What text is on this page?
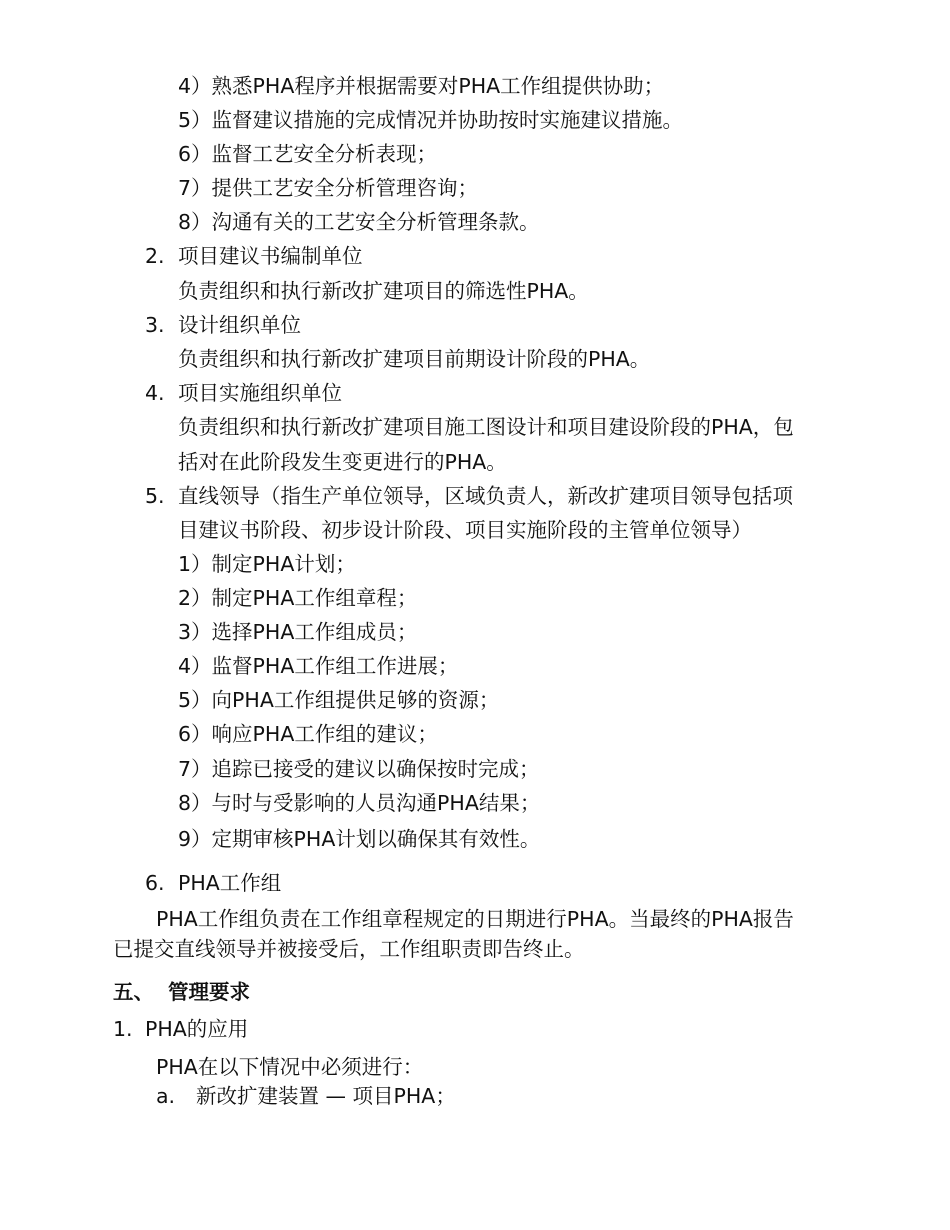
4）熟悉PHA程序并根据需要对PHA工作组提供协助；
5）监督建议措施的完成情况并协助按时实施建议措施。
6）监督工艺安全分析表现；
7）提供工艺安全分析管理咨询；
8）沟通有关的工艺安全分析管理条款。
2. 项目建议书编制单位
负责组织和执行新改扩建项目的筛选性PHA。
3. 设计组织单位
负责组织和执行新改扩建项目前期设计阶段的PHA。
4. 项目实施组织单位
负责组织和执行新改扩建项目施工图设计和项目建设阶段的PHA，包
括对在此阶段发生变更进行的PHA。
5. 直线领导（指生产单位领导，区域负责人，新改扩建项目领导包括项
目建议书阶段、初步设计阶段、项目实施阶段的主管单位领导）
1）制定PHA计划；
2）制定PHA工作组章程；
3）选择PHA工作组成员；
4）监督PHA工作组工作进展；
5）向PHA工作组提供足够的资源；
6）响应PHA工作组的建议；
7）追踪已接受的建议以确保按时完成；
8）与时与受影响的人员沟通PHA结果；
9）定期审核PHA计划以确保其有效性。
6. PHA工作组
PHA工作组负责在工作组章程规定的日期进行PHA。当最终的PHA报告
已提交直线领导并被接受后，工作组职责即告终止。
五、 管理要求
1. PHA的应用
PHA在以下情况中必须进行：
a. 新改扩建装置 — 项目PHA；
